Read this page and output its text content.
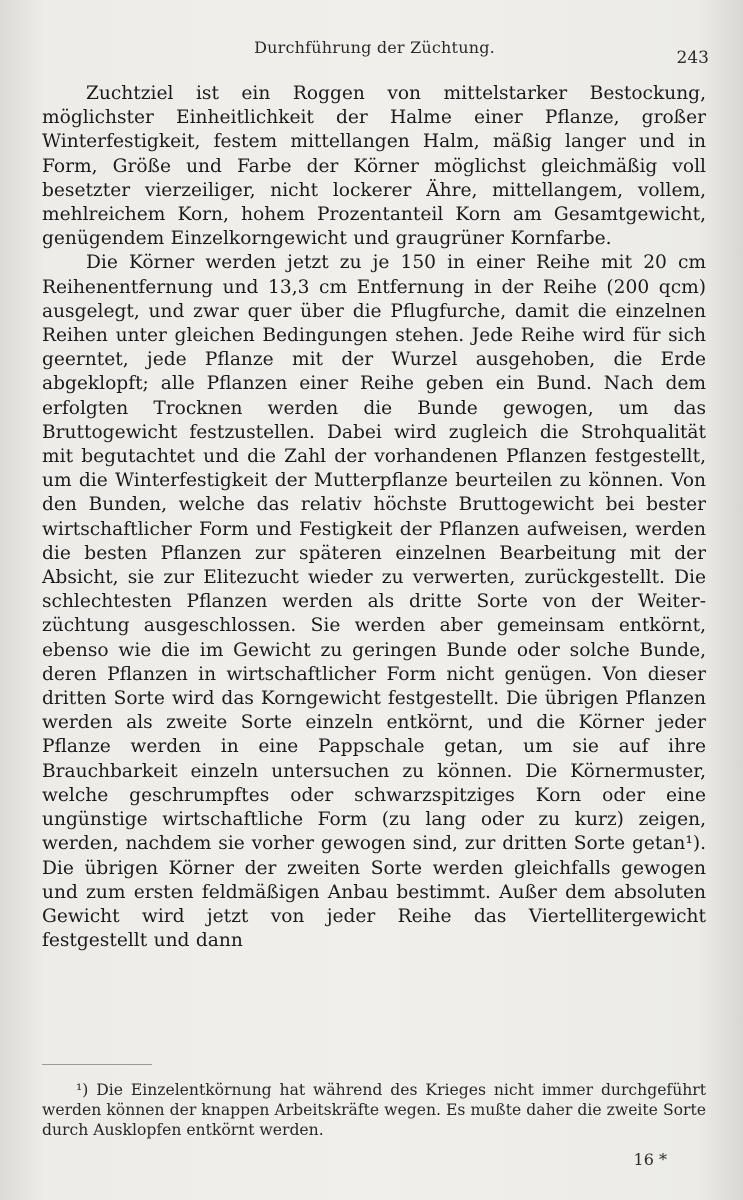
Durchführung der Züchtung.
243

Zuchtziel ist ein Roggen von mittelstarker Bestockung, möglichster Einheitlichkeit der Halme einer Pflanze, großer Winterfestigkeit, festem mittellangen Halm, mäßig langer und in Form, Größe und Farbe der Körner möglichst gleichmäßig voll besetzter vierzeiliger, nicht lockerer Ähre, mittellangem, vollem, mehlreichem Korn, hohem Prozentanteil Korn am Gesamtgewicht, genügendem Einzelkorngewicht und graugrüner Kornfarbe.

Die Körner werden jetzt zu je 150 in einer Reihe mit 20 cm Reihenentfernung und 13,3 cm Entfernung in der Reihe (200 qcm) ausgelegt, und zwar quer über die Pflugfurche, damit die einzelnen Reihen unter gleichen Bedingungen stehen. Jede Reihe wird für sich geerntet, jede Pflanze mit der Wurzel ausgehoben, die Erde abgeklopft; alle Pflanzen einer Reihe geben ein Bund. Nach dem erfolgten Trocknen werden die Bunde gewogen, um das Bruttogewicht festzustellen. Dabei wird zugleich die Strohqualität mit begutachtet und die Zahl der vorhandenen Pflanzen festgestellt, um die Winterfestigkeit der Mutterpflanze beurteilen zu können. Von den Bunden, welche das relativ höchste Bruttogewicht bei bester wirtschaftlicher Form und Festigkeit der Pflanzen aufweisen, werden die besten Pflanzen zur späteren einzelnen Bearbeitung mit der Absicht, sie zur Elitezucht wieder zu verwerten, zurückgestellt. Die schlechtesten Pflanzen werden als dritte Sorte von der Weiterzüchtung ausgeschlossen. Sie werden aber gemeinsam entkörnt, ebenso wie die im Gewicht zu geringen Bunde oder solche Bunde, deren Pflanzen in wirtschaftlicher Form nicht genügen. Von dieser dritten Sorte wird das Korngewicht festgestellt. Die übrigen Pflanzen werden als zweite Sorte einzeln entkörnt, und die Körner jeder Pflanze werden in eine Pappschale getan, um sie auf ihre Brauchbarkeit einzeln untersuchen zu können. Die Körnermuster, welche geschrumpftes oder schwarzspitziges Korn oder eine ungünstige wirtschaftliche Form (zu lang oder zu kurz) zeigen, werden, nachdem sie vorher gewogen sind, zur dritten Sorte getan¹). Die übrigen Körner der zweiten Sorte werden gleichfalls gewogen und zum ersten feldmäßigen Anbau bestimmt. Außer dem absoluten Gewicht wird jetzt von jeder Reihe das Viertellitergewicht festgestellt und dann

¹) Die Einzelentkörnung hat während des Krieges nicht immer durchgeführt werden können der knappen Arbeitskräfte wegen. Es mußte daher die zweite Sorte durch Ausklopfen entkörnt werden.

16 *
